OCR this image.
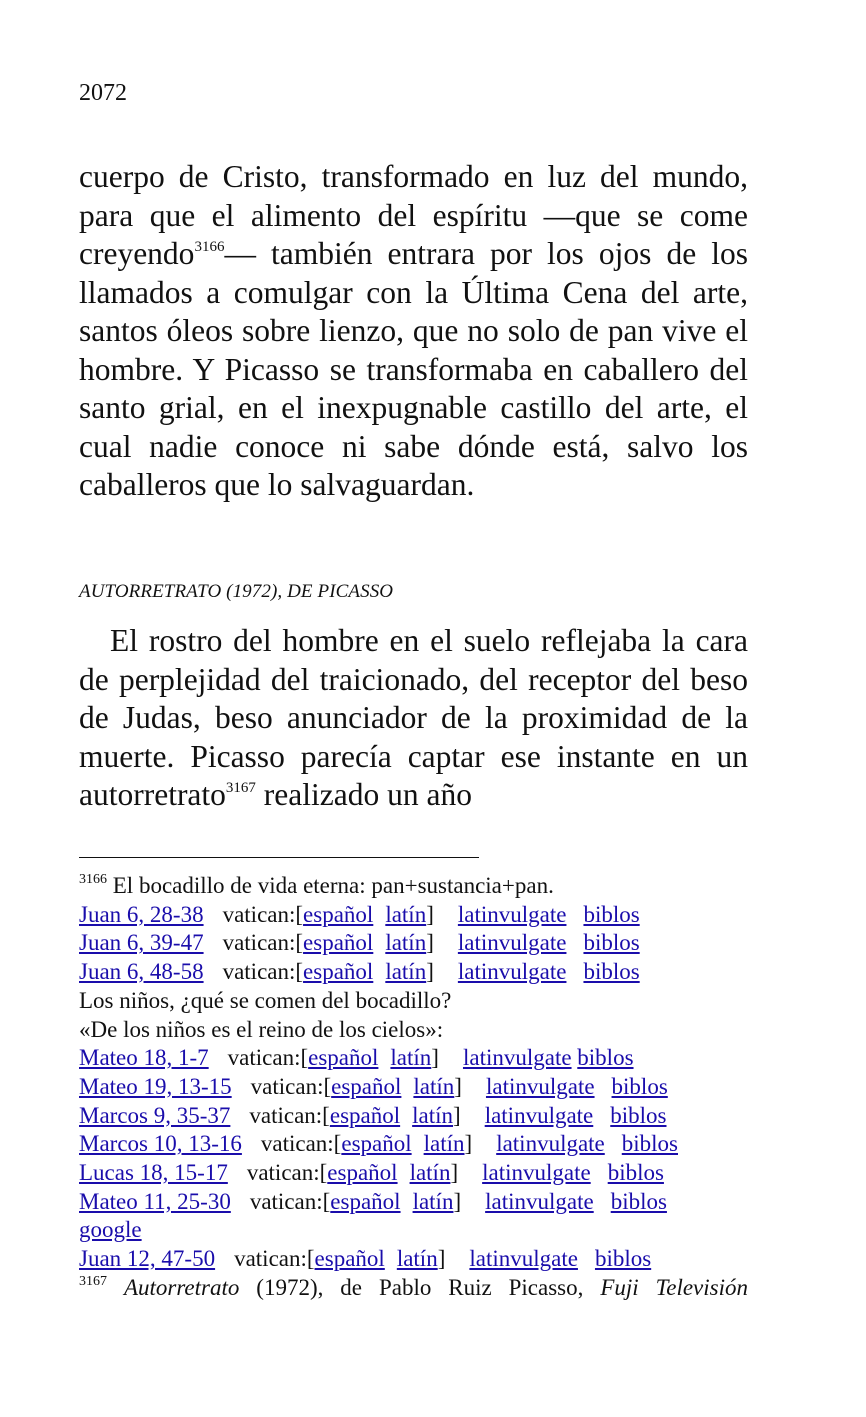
2072

cuerpo de Cristo, transformado en luz del mundo, para que el alimento del espíritu —que se come creyendo$^{3166}$— también entrara por los ojos de los llamados a comulgar con la Última Cena del arte, santos óleos sobre lienzo, que no solo de pan vive el hombre. Y Picasso se transformaba en caballero del santo grial, en el inexpugnable castillo del arte, el cual nadie conoce ni sabe dónde está, salvo los caballeros que lo salvaguardan.

AUTORRETRATO (1972), DE PICASSO

El rostro del hombre en el suelo reflejaba la cara de perplejidad del traicionado, del receptor del beso de Judas, beso anunciador de la proximidad de la muerte. Picasso parecía captar ese instante en un autorretrato$^{3167}$ realizado un año

$^{3166}$ El bocadillo de vida eterna: pan+sustancia+pan.
Juan 6, 28-38 vatican:[español latín] latinvulgate biblos
Juan 6, 39-47 vatican:[español latín] latinvulgate biblos
Juan 6, 48-58 vatican:[español latín] latinvulgate biblos
Los niños, ¿qué se comen del bocadillo?
«De los niños es el reino de los cielos»:
Mateo 18, 1-7 vatican:[español latín] latinvulgate biblos
Mateo 19, 13-15 vatican:[español latín] latinvulgate biblos
Marcos 9, 35-37 vatican:[español latín] latinvulgate biblos
Marcos 10, 13-16 vatican:[español latín] latinvulgate biblos
Lucas 18, 15-17 vatican:[español latín] latinvulgate biblos
Mateo 11, 25-30 vatican:[español latín] latinvulgate biblos
google
Juan 12, 47-50 vatican:[español latín] latinvulgate biblos
$^{3167}$ Autorretrato (1972), de Pablo Ruiz Picasso, Fuji Televisión
